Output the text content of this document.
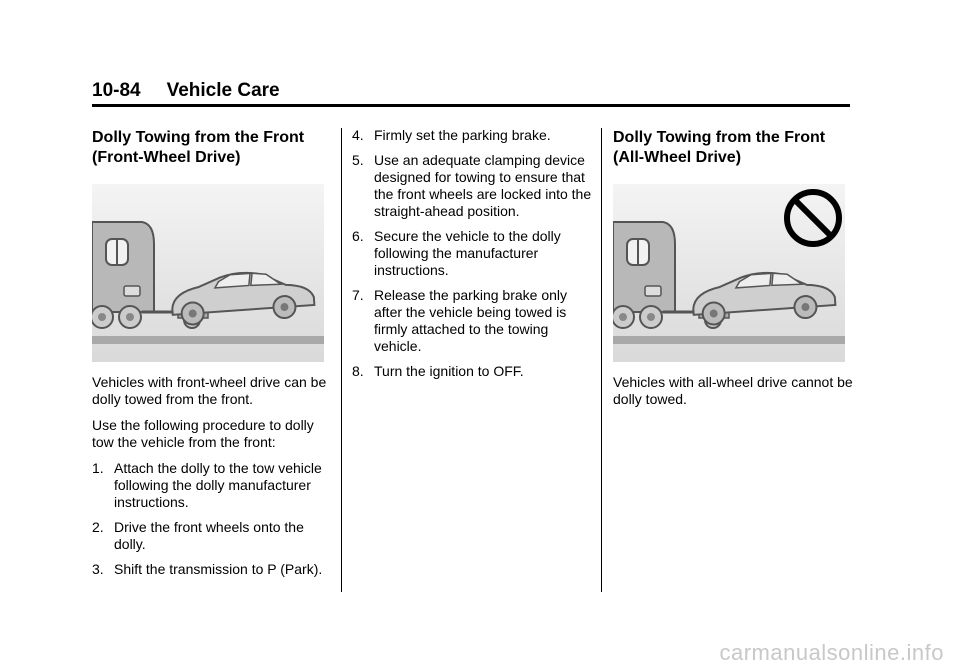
10-84 Vehicle Care
Dolly Towing from the Front
(Front-Wheel Drive)

Vehicles with front-wheel drive can be dolly towed from the front.

Use the following procedure to dolly tow the vehicle from the front:

1. Attach the dolly to the tow vehicle following the dolly manufacturer instructions.
2. Drive the front wheels onto the dolly.
3. Shift the transmission to P (Park).
4. Firmly set the parking brake.
5. Use an adequate clamping device designed for towing to ensure that the front wheels are locked into the straight-ahead position.
6. Secure the vehicle to the dolly following the manufacturer instructions.
7. Release the parking brake only after the vehicle being towed is firmly attached to the towing vehicle.
8. Turn the ignition to OFF.
Dolly Towing from the Front
(All-Wheel Drive)

Vehicles with all-wheel drive cannot be dolly towed.

carmanualsonline.info
